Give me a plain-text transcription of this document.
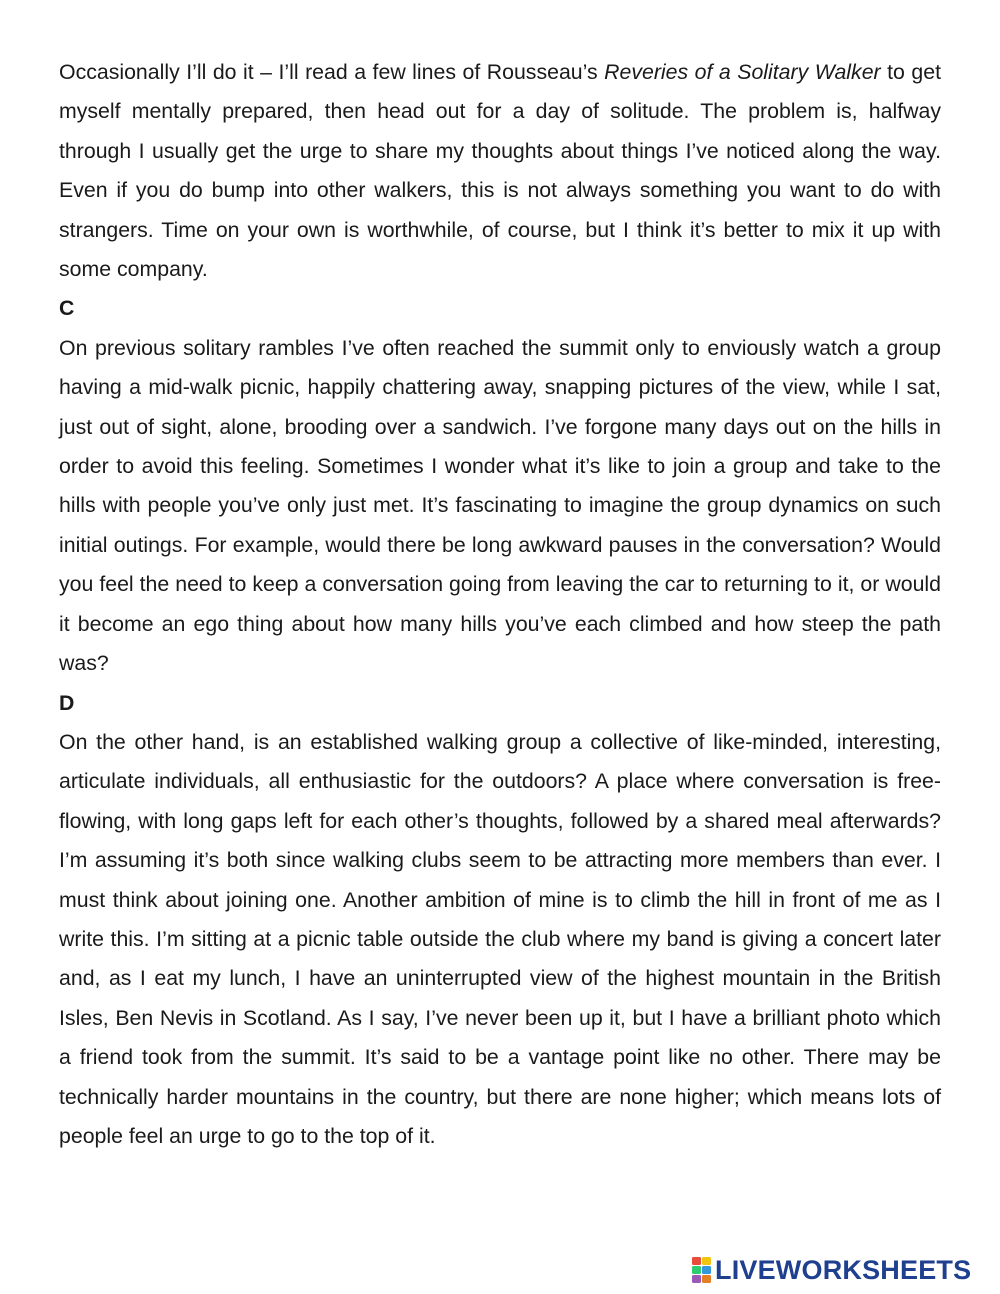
Occasionally I’ll do it – I’ll read a few lines of Rousseau’s Reveries of a Solitary Walker to get myself mentally prepared, then head out for a day of solitude. The problem is, halfway through I usually get the urge to share my thoughts about things I’ve noticed along the way. Even if you do bump into other walkers, this is not always something you want to do with strangers. Time on your own is worthwhile, of course, but I think it’s better to mix it up with some company.

C

On previous solitary rambles I’ve often reached the summit only to enviously watch a group having a mid-walk picnic, happily chattering away, snapping pictures of the view, while I sat, just out of sight, alone, brooding over a sandwich. I’ve forgone many days out on the hills in order to avoid this feeling. Sometimes I wonder what it’s like to join a group and take to the hills with people you’ve only just met. It’s fascinating to imagine the group dynamics on such initial outings. For example, would there be long awkward pauses in the conversation? Would you feel the need to keep a conversation going from leaving the car to returning to it, or would it become an ego thing about how many hills you’ve each climbed and how steep the path was?

D

On the other hand, is an established walking group a collective of like-minded, interesting, articulate individuals, all enthusiastic for the outdoors? A place where conversation is free-flowing, with long gaps left for each other’s thoughts, followed by a shared meal afterwards? I’m assuming it’s both since walking clubs seem to be attracting more members than ever. I must think about joining one. Another ambition of mine is to climb the hill in front of me as I write this. I’m sitting at a picnic table outside the club where my band is giving a concert later and, as I eat my lunch, I have an uninterrupted view of the highest mountain in the British Isles, Ben Nevis in Scotland. As I say, I’ve never been up it, but I have a brilliant photo which a friend took from the summit. It’s said to be a vantage point like no other. There may be technically harder mountains in the country, but there are none higher; which means lots of people feel an urge to go to the top of it.

LIVEWORKSHEETS
